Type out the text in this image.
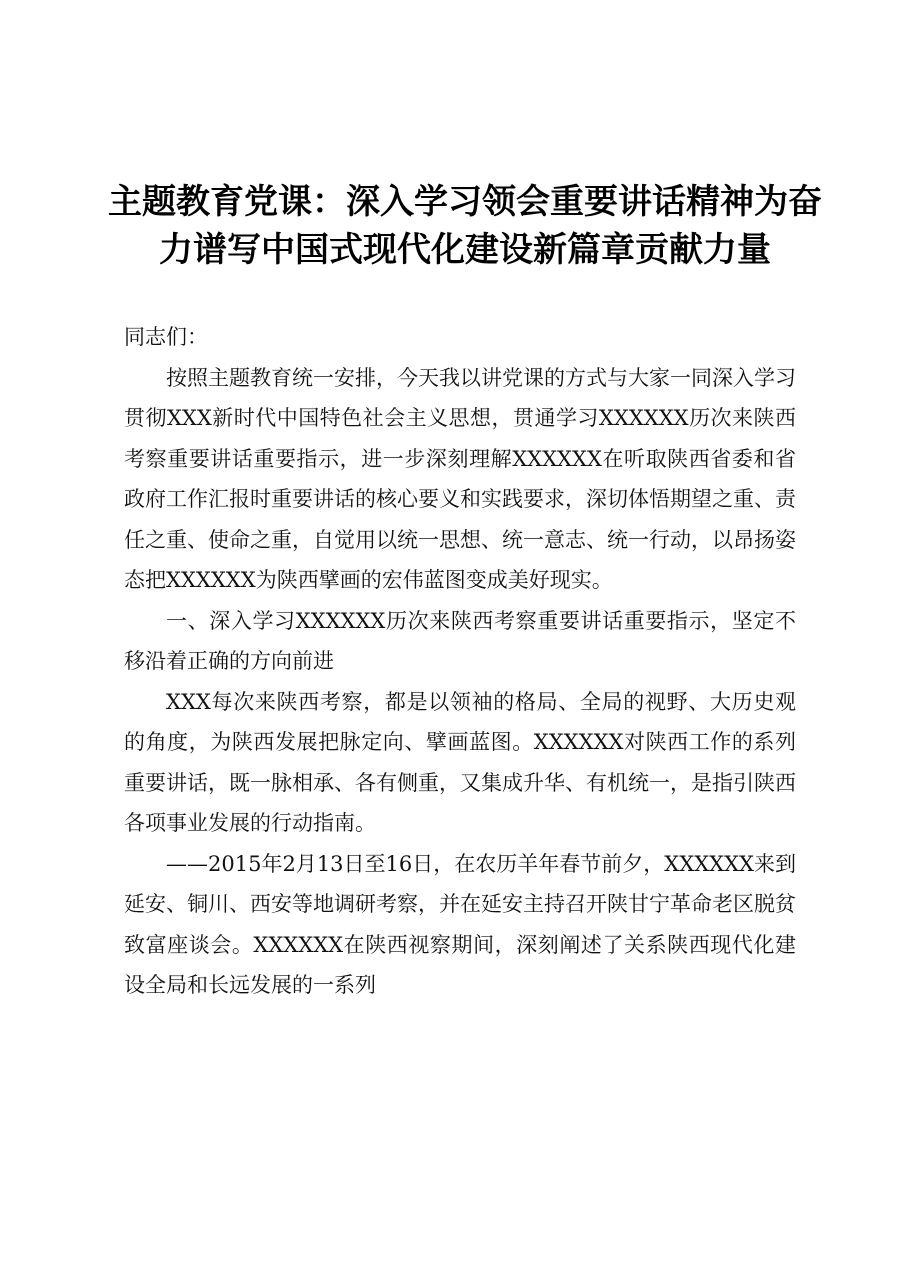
主题教育党课：深入学习领会重要讲话精神为奋
力谱写中国式现代化建设新篇章贡献力量

同志们：

按照主题教育统一安排，今天我以讲党课的方式与大家一同深入学习贯彻XXX新时代中国特色社会主义思想，贯通学习XXXXXX历次来陕西考察重要讲话重要指示，进一步深刻理解XXXXXX在听取陕西省委和省政府工作汇报时重要讲话的核心要义和实践要求，深切体悟期望之重、责任之重、使命之重，自觉用以统一思想、统一意志、统一行动，以昂扬姿态把XXXXXX为陕西擘画的宏伟蓝图变成美好现实。

一、深入学习XXXXXX历次来陕西考察重要讲话重要指示，坚定不移沿着正确的方向前进

XXX每次来陕西考察，都是以领袖的格局、全局的视野、大历史观的角度，为陕西发展把脉定向、擘画蓝图。XXXXXX对陕西工作的系列重要讲话，既一脉相承、各有侧重，又集成升华、有机统一，是指引陕西各项事业发展的行动指南。

——2015年2月13日至16日，在农历羊年春节前夕，XXXXXX来到延安、铜川、西安等地调研考察，并在延安主持召开陕甘宁革命老区脱贫致富座谈会。XXXXXX在陕西视察期间，深刻阐述了关系陕西现代化建设全局和长远发展的一系列
